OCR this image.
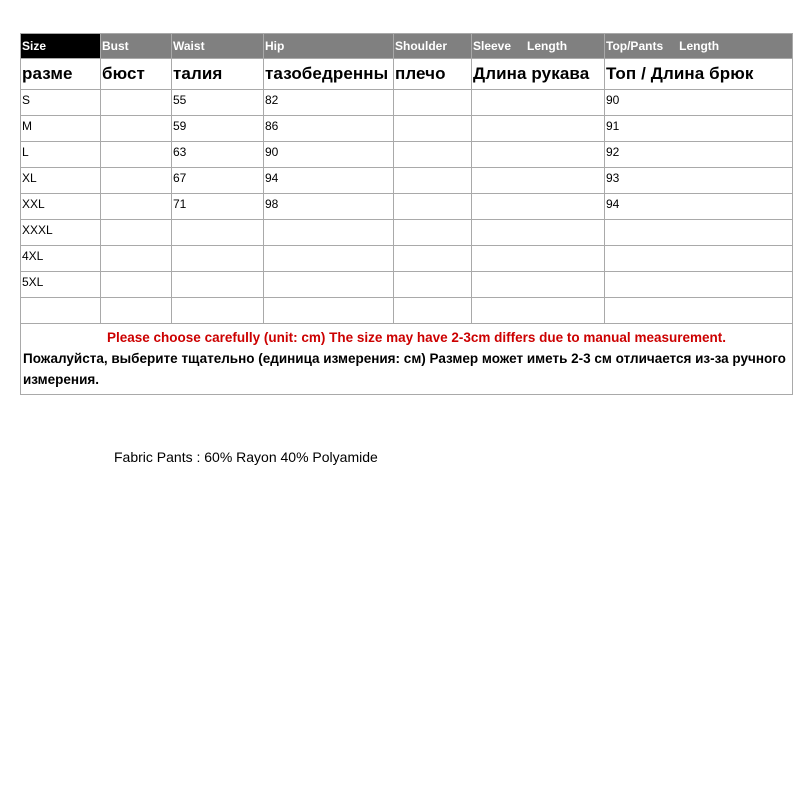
Size	Bust	Waist	Hip	Shoulder	Sleeve Length	Top/Pants Length
разме	бюст	талия	тазобедренны	плечо	Длина рукава	Топ / Длина брюк

S		55	82			90

M		59	86			91

L		63	90			92

XL		67	94			93

XXL		71	98			94

XXXL						

4XL						

5XL						

Please choose carefully (unit: cm) The size may have 2-3cm differs due to manual measurement.
Пожалуйста, выберите тщательно (единица измерения: см) Размер может иметь 2-3 см отличается из-за ручного измерения.						
Fabric Pants : 60% Rayon 40% Polyamide
